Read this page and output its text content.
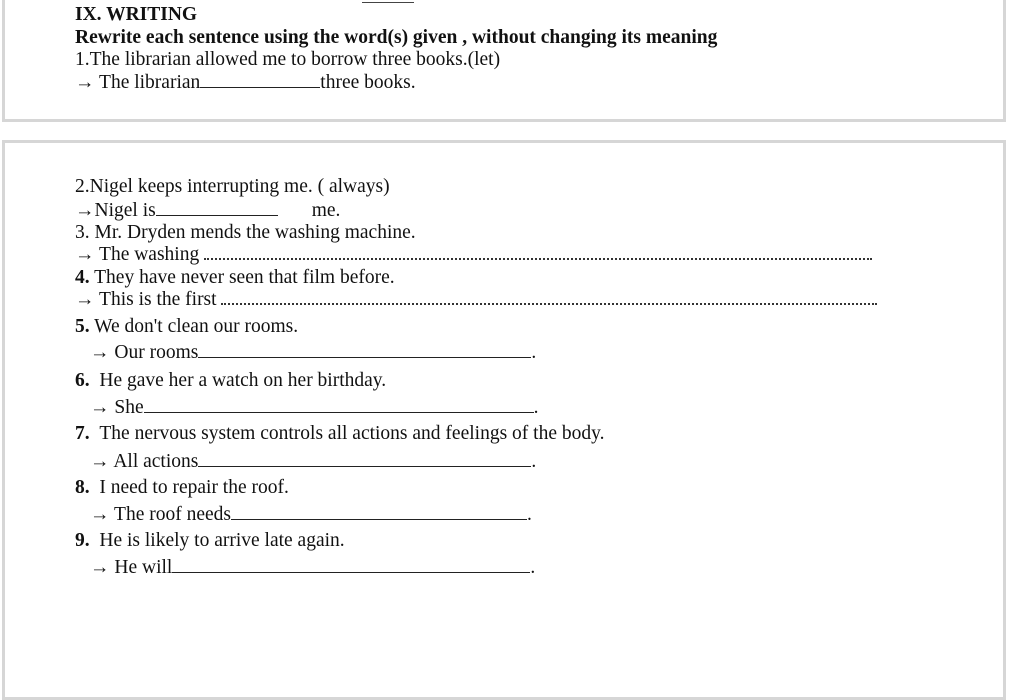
IX. WRITING
Rewrite each sentence using the word(s) given , without changing its meaning
1.The librarian allowed me to borrow three books.(let)
→ The librarian	three books.
2.Nigel keeps interrupting me. ( always)
→Nigel is	me.
3. Mr. Dryden mends the washing machine.
→ The washing
4. They have never seen that film before.
→ This is the first
5. We don't clean our rooms.
→ Our rooms	.
6. He gave her a watch on her birthday.
→ She	.
7. The nervous system controls all actions and feelings of the body.
→ All actions	.
8. I need to repair the roof.
→ The roof needs	.
9. He is likely to arrive late again.
→ He will	.
